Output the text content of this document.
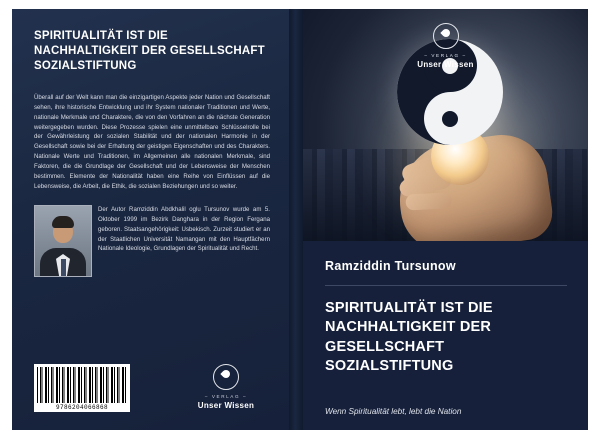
SPIRITUALITÄT IST DIE NACHHALTIGKEIT DER GESELLSCHAFT SOZIALSTIFTUNG
Überall auf der Welt kann man die einzigartigen Aspekte jeder Nation und Gesellschaft sehen, ihre historische Entwicklung und ihr System nationaler Traditionen und Werte, nationale Merkmale und Charaktere, die von den Vorfahren an die nächste Generation weitergegeben wurden. Diese Prozesse spielen eine unmittelbare Schlüsselrolle bei der Gewährleistung der sozialen Stabilität und der nationalen Harmonie in der Gesellschaft sowie bei der Erhaltung der geistigen Eigenschaften und des Charakters. Nationale Werte und Traditionen, im Allgemeinen alle nationalen Merkmale, sind Faktoren, die die Grundlage der Gesellschaft und der Lebensweise der Menschen bestimmen. Elemente der Nationalität haben eine Reihe von Einflüssen auf die Lebensweise, die Arbeit, die Ethik, die sozialen Beziehungen und so weiter.
Der Autor Ramziddin Abdkhalil oglu Tursunov wurde am 5. Oktober 1999 im Bezirk Danghara in der Region Fergana geboren. Staatsangehörigkeit: Usbekisch. Zurzeit studiert er an der Staatlichen Universität Namangan mit den Hauptfächern Nationale Ideologie, Grundlagen der Spiritualität und Recht.
9786204066868
– VERLAG –
Unser Wissen
– VERLAG –
Unser Wissen
Ramziddin Tursunow
SPIRITUALITÄT IST DIE NACHHALTIGKEIT DER GESELLSCHAFT SOZIALSTIFTUNG
Wenn Spiritualität lebt, lebt die Nation
